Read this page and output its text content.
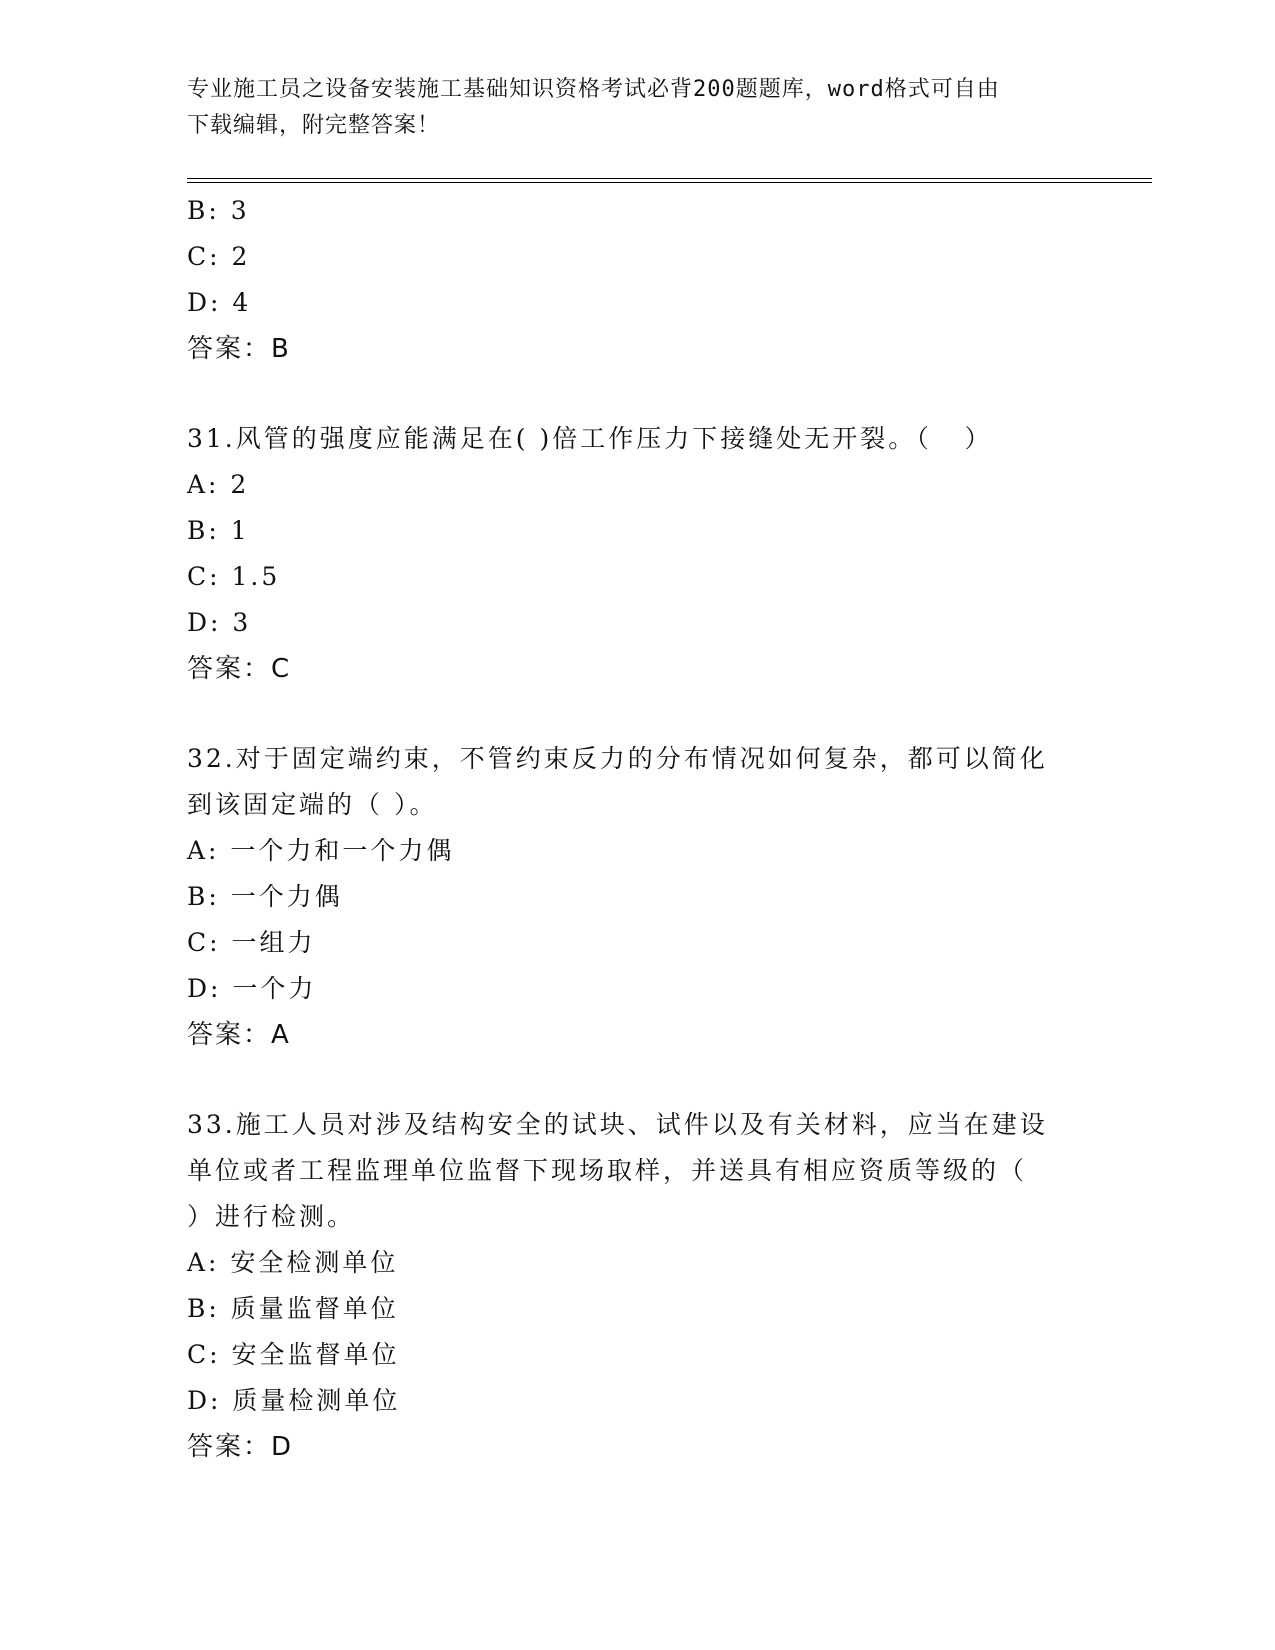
专业施工员之设备安装施工基础知识资格考试必背200题题库，word格式可自由
下载编辑，附完整答案！

B: 3

C: 2

D: 4

答案：B

31.风管的强度应能满足在( )倍工作压力下接缝处无开裂。（   ）

A: 2

B: 1

C: 1.5

D: 3

答案：C

32.对于固定端约束，不管约束反力的分布情况如何复杂，都可以简化

到该固定端的（ ）。

A: 一个力和一个力偶

B: 一个力偶

C: 一组力

D: 一个力

答案：A

33.施工人员对涉及结构安全的试块、试件以及有关材料，应当在建设

单位或者工程监理单位监督下现场取样，并送具有相应资质等级的（

）进行检测。

A: 安全检测单位

B: 质量监督单位

C: 安全监督单位

D: 质量检测单位

答案：D
